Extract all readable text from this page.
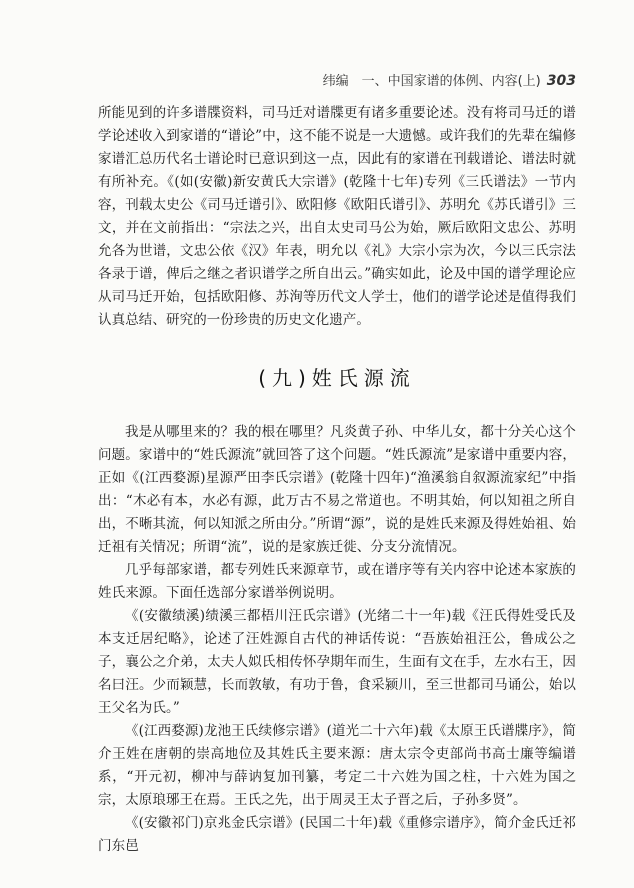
纬编　一、中国家谱的体例、内容(上) 303

所能见到的许多谱牒资料，司马迁对谱牒更有诸多重要论述。没有将司马迁的谱学论述收入到家谱的“谱论”中，这不能不说是一大遗憾。或许我们的先辈在编修家谱汇总历代名士谱论时已意识到这一点，因此有的家谱在刊载谱论、谱法时就有所补充。《(如(安徽)新安黄氏大宗谱》(乾隆十七年)专列《三氏谱法》一节内容，刊载太史公《司马迁谱引》、欧阳修《欧阳氏谱引》、苏明允《苏氏谱引》三文，并在文前指出：“宗法之兴，出自太史司马公为始，厥后欧阳文忠公、苏明允各为世谱，文忠公依《汉》年表，明允以《礼》大宗小宗为次，今以三氏宗法各录于谱，俾后之继之者识谱学之所自出云。”确实如此，论及中国的谱学理论应从司马迁开始，包括欧阳修、苏洵等历代文人学士，他们的谱学论述是值得我们认真总结、研究的一份珍贵的历史文化遗产。

(九)姓氏源流

我是从哪里来的？我的根在哪里？凡炎黄子孙、中华儿女，都十分关心这个问题。家谱中的“姓氏源流”就回答了这个问题。“姓氏源流”是家谱中重要内容，正如《(江西婺源)星源严田李氏宗谱》(乾隆十四年)“渔溪翁自叙源流家纪”中指出：“木必有本，水必有源，此万古不易之常道也。不明其始，何以知祖之所自出，不晰其流，何以知派之所由分。”所谓“源”，说的是姓氏来源及得姓始祖、始迁祖有关情况；所谓“流”，说的是家族迁徙、分支分流情况。

几乎每部家谱，都专列姓氏来源章节，或在谱序等有关内容中论述本家族的姓氏来源。下面任选部分家谱举例说明。

《(安徽绩溪)绩溪三都梧川汪氏宗谱》(光绪二十一年)载《汪氏得姓受氏及本支迁居纪略》，论述了汪姓源自古代的神话传说：“吾族始祖汪公，鲁成公之子，襄公之介弟，太夫人姒氏相传怀孕期年而生，生面有文在手，左水右王，因名曰汪。少而颖慧，长而敦敏，有功于鲁，食采颍川，至三世都司马诵公，始以王父名为氏。”

《(江西婺源)龙池王氏续修宗谱》(道光二十六年)载《太原王氏谱牒序》，简介王姓在唐朝的崇高地位及其姓氏主要来源：唐太宗令吏部尚书高士廉等编谱系，“开元初，柳冲与薛讷复加刊纂，考定二十六姓为国之柱，十六姓为国之宗，太原琅琊王在焉。王氏之先，出于周灵王太子晋之后，子孙多贤”。

《(安徽祁门)京兆金氏宗谱》(民国二十年)载《重修宗谱序》，简介金氏迁祁门东邑
